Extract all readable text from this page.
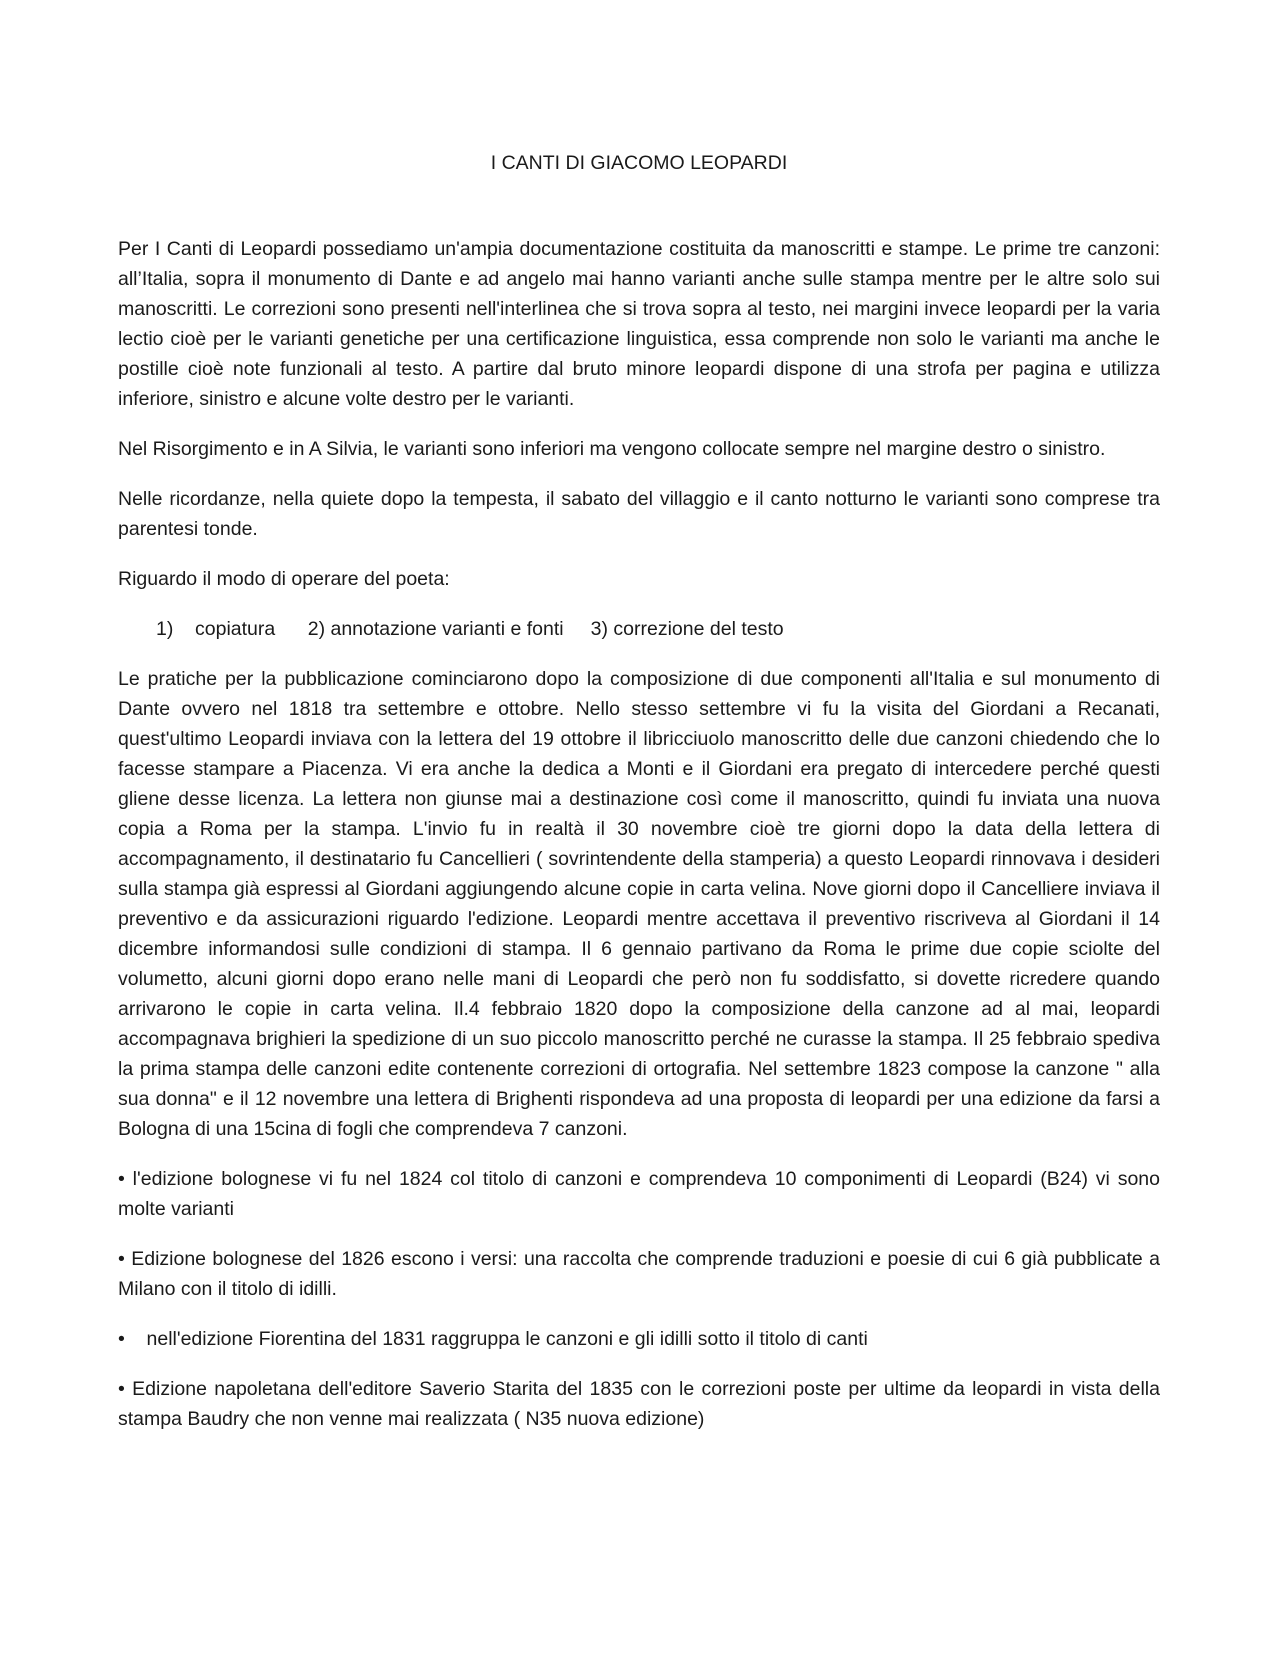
I CANTI DI GIACOMO LEOPARDI

Per I Canti di Leopardi possediamo un'ampia documentazione costituita da manoscritti e stampe. Le prime tre canzoni: all’Italia, sopra il monumento di Dante e ad angelo mai hanno varianti anche sulle stampa mentre per le altre solo sui manoscritti. Le correzioni sono presenti nell'interlinea che si trova sopra al testo, nei margini invece leopardi per la varia lectio cioè per le varianti genetiche per una certificazione linguistica, essa comprende non solo le varianti ma anche le postille cioè note funzionali al testo. A partire dal bruto minore leopardi dispone di una strofa per pagina e utilizza inferiore, sinistro e alcune volte destro per le varianti.

Nel Risorgimento e in A Silvia, le varianti sono inferiori ma vengono collocate sempre nel margine destro o sinistro.

Nelle ricordanze, nella quiete dopo la tempesta, il sabato del villaggio e il canto notturno le varianti sono comprese tra parentesi tonde.

Riguardo il modo di operare del poeta:

1)    copiatura      2) annotazione varianti e fonti     3) correzione del testo

Le pratiche per la pubblicazione cominciarono dopo la composizione di due componenti all'Italia e sul monumento di Dante ovvero nel 1818 tra settembre e ottobre. Nello stesso settembre vi fu la visita del Giordani a Recanati, quest'ultimo Leopardi inviava con la lettera del 19 ottobre il libricciuolo manoscritto delle due canzoni chiedendo che lo facesse stampare a Piacenza. Vi era anche la dedica a Monti e il Giordani era pregato di intercedere perché questi gliene desse licenza. La lettera non giunse mai a destinazione così come il manoscritto, quindi fu inviata una nuova copia a Roma per la stampa. L'invio fu in realtà il 30 novembre cioè tre giorni dopo la data della lettera di accompagnamento, il destinatario fu Cancellieri ( sovrintendente della stamperia) a questo Leopardi rinnovava i desideri sulla stampa già espressi al Giordani aggiungendo alcune copie in carta velina. Nove giorni dopo il Cancelliere inviava il preventivo e da assicurazioni riguardo l'edizione. Leopardi mentre accettava il preventivo riscriveva al Giordani il 14 dicembre informandosi sulle condizioni di stampa. Il 6 gennaio partivano da Roma le prime due copie sciolte del volumetto, alcuni giorni dopo erano nelle mani di Leopardi che però non fu soddisfatto, si dovette ricredere quando arrivarono le copie in carta velina. Il.4 febbraio 1820 dopo la composizione della canzone ad al mai, leopardi accompagnava brighieri la spedizione di un suo piccolo manoscritto perché ne curasse la stampa. Il 25 febbraio spediva la prima stampa delle canzoni edite contenente correzioni di ortografia. Nel settembre 1823 compose la canzone " alla sua donna" e il 12 novembre una lettera di Brighenti rispondeva ad una proposta di leopardi per una edizione da farsi a Bologna di una 15cina di fogli che comprendeva 7 canzoni.

• l'edizione bolognese vi fu nel 1824 col titolo di canzoni e comprendeva 10 componimenti di Leopardi (B24) vi sono molte varianti
• Edizione bolognese del 1826 escono i versi: una raccolta che comprende traduzioni e poesie di cui 6 già pubblicate a Milano con il titolo di idilli.
•    nell'edizione Fiorentina del 1831 raggruppa le canzoni e gli idilli sotto il titolo di canti
• Edizione napoletana dell'editore Saverio Starita del 1835 con le correzioni poste per ultime da leopardi in vista della stampa Baudry che non venne mai realizzata ( N35 nuova edizione)
